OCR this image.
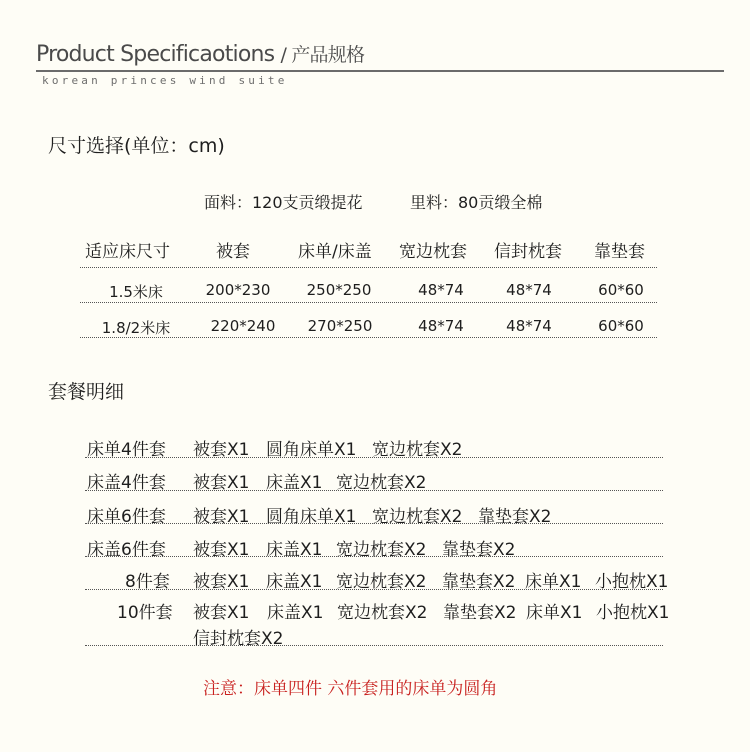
Product Specificaotions / 产品规格
korean princes wind suite
尺寸选择(单位：cm)
面料：120支贡缎提花	里料：80贡缎全棉
适应床尺寸	被套	床单/床盖 宽边枕套 信封枕套 靠垫套
1.5米床	200*230	250*250	48*74	48*74	60*60
1.8/2米床	220*240	270*250	48*74	48*74	60*60
套餐明细
床单4件套 被套X1 圆角床单X1 宽边枕套X2
床盖4件套 被套X1 床盖X1 宽边枕套X2
床单6件套 被套X1 圆角床单X1 宽边枕套X2 靠垫套X2
床盖6件套 被套X1 床盖X1 宽边枕套X2 靠垫套X2
8件套 被套X1 床盖X1 宽边枕套X2 靠垫套X2 床单X1 小抱枕X1
10件套 被套X1 床盖X1 宽边枕套X2 靠垫套X2 床单X1 小抱枕X1
信封枕套X2
注意：床单四件 六件套用的床单为圆角
